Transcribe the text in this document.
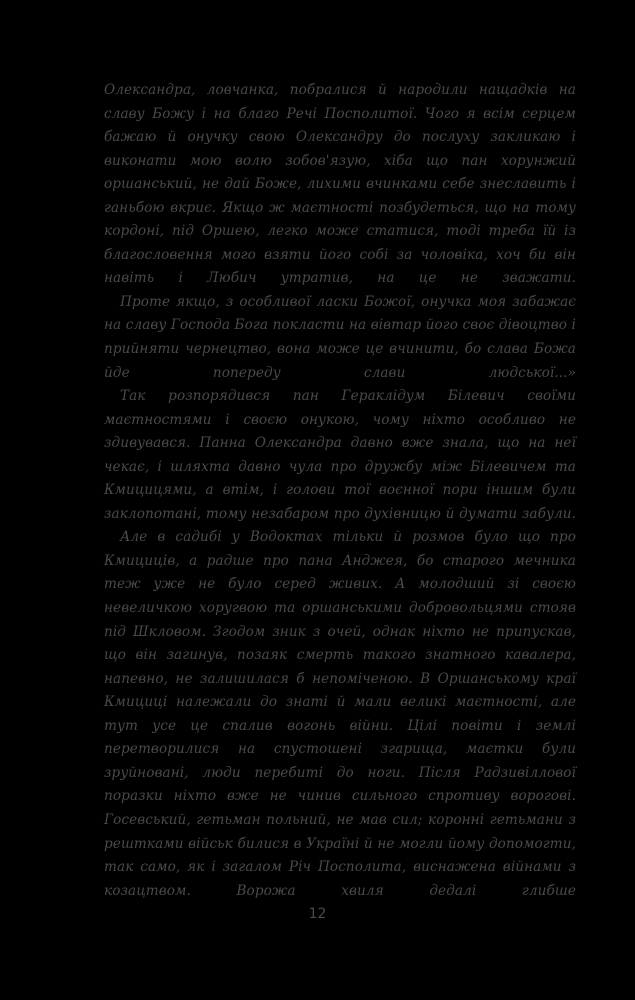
Олександра, ловчанка, побралися й народили нащадків на славу Божу і на благо Речі Посполитої. Чого я всім серцем бажаю й онучку свою Олександру до послуху закликаю і виконати мою волю зобов'язую, хіба що пан хорунжий оршанський, не дай Боже, лихими вчинками себе знеславить і ганьбою вкриє. Якщо ж маєтності позбудеться, що на тому кордоні, під Оршею, легко може статися, тоді треба їй із благословення мого взяти його собі за чоловіка, хоч би він навіть і Любич утратив, на це не зважати.

Проте якщо, з особливої ласки Божої, онучка моя забажає на славу Господа Бога покласти на вівтар його своє дівоцтво і прийняти чернецтво, вона може це вчинити, бо слава Божа йде попереду слави людської...»

Так розпорядився пан Гераклідум Білевич своїми маєтностями і своєю онукою, чому ніхто особливо не здивувався. Панна Олександра давно вже знала, що на неї чекає, і шляхта давно чула про дружбу між Білевичем та Кмицицями, а втім, і голови тої воєнної пори іншим були заклопотані, тому незабаром про духівницю й думати забули.

Але в садибі у Водоктах тільки й розмов було що про Кмициців, а радше про пана Анджея, бо старого мечника теж уже не було серед живих. А молодший зі своєю невеличкою хоругвою та оршанськими добровольцями стояв під Шкловом. Згодом зник з очей, однак ніхто не припускав, що він загинув, позаяк смерть такого знатного кавалера, напевно, не залишилася б непоміченою. В Оршанському краї Кмициці належали до знаті й мали великі маєтності, але тут усе це спалив вогонь війни. Цілі повіти і землі перетворилися на спустошені згарища, маєтки були зруйновані, люди перебиті до ноги. Після Радзивіллової поразки ніхто вже не чинив сильного спротиву ворогові. Госевський, гетьман польний, не мав сил; коронні гетьмани з рештками військ билися в Україні й не могли йому допомогти, так само, як і загалом Річ Посполита, виснажена війнами з козацтвом. Ворожа хвиля дедалі глибше

12
